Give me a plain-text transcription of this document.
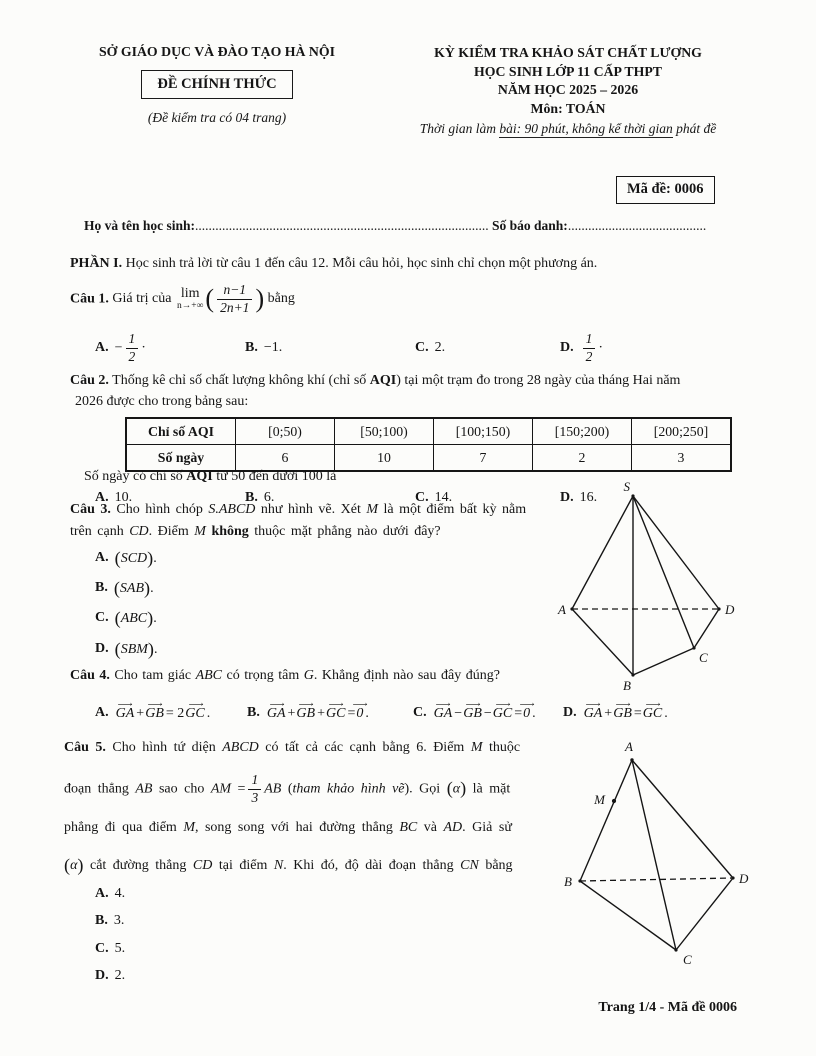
SỞ GIÁO DỤC VÀ ĐÀO TẠO HÀ NỘI
ĐỀ CHÍNH THỨC
(Đề kiểm tra có 04 trang)
KỲ KIỂM TRA KHẢO SÁT CHẤT LƯỢNG
HỌC SINH LỚP 11 CẤP THPT
NĂM HỌC 2025 – 2026
Môn: TOÁN
Thời gian làm bài: 90 phút, không kể thời gian phát đề
Mã đề: 0006
Họ và tên học sinh:....................................................................................... Số báo danh:.........................................
PHẦN I. Học sinh trả lời từ câu 1 đến câu 12. Mỗi câu hỏi, học sinh chỉ chọn một phương án.
Câu 1. Giá trị của lim
n→+∞ ( $\frac{n-1}{2n+1}$ ) bằng
A. − $\frac{1}{2}$ ·	B. −1.	C. 2.	D. $\frac{1}{2}$ ·
Câu 2. Thống kê chỉ số chất lượng không khí (chỉ số AQI) tại một trạm đo trong 28 ngày của tháng Hai năm
2026 được cho trong bảng sau:
Chỉ số AQI	[0;50)	[50;100)	[100;150)	[150;200)	[200;250]
Số ngày	6	10	7	2	3
Số ngày có chỉ số AQI từ 50 đến dưới 100 là
A. 10.	B. 6.	C. 14.	D. 16.
Câu 3. Cho hình chóp S.ABCD như hình vẽ. Xét M là một điểm bất kỳ nằm
trên cạnh CD. Điểm M không thuộc mặt phẳng nào dưới đây?
A. (SCD).
B. (SAB).
C. (ABC).
D. (SBM).
S
A	D
B
C
Câu 4. Cho tam giác ABC có trọng tâm G. Khẳng định nào sau đây đúng?
A. ⟶ GA +⟶ GB = 2⟶ GC .	B. ⟶ GA +⟶ GB +⟶ GC =⟶ 0 .	C. ⟶ GA −⟶ GB −⟶ GC =⟶ 0 . D. ⟶ GA +⟶ GB =⟶ GC .
Câu 5. Cho hình tứ diện ABCD có tất cả các cạnh bằng 6. Điểm M thuộc
đoạn thẳng AB sao cho AM = $\frac{1}{3}$ AB (tham khảo hình vẽ). Gọi (α) là mặt
phẳng đi qua điểm M, song song với hai đường thẳng BC và AD. Giả sử
(α) cắt đường thẳng CD tại điểm N. Khi đó, độ dài đoạn thẳng CN bằng
A. 4.
B. 3.
C. 5.
D. 2.
A
M
B	D
C
Trang 1/4 - Mã đề 0006
